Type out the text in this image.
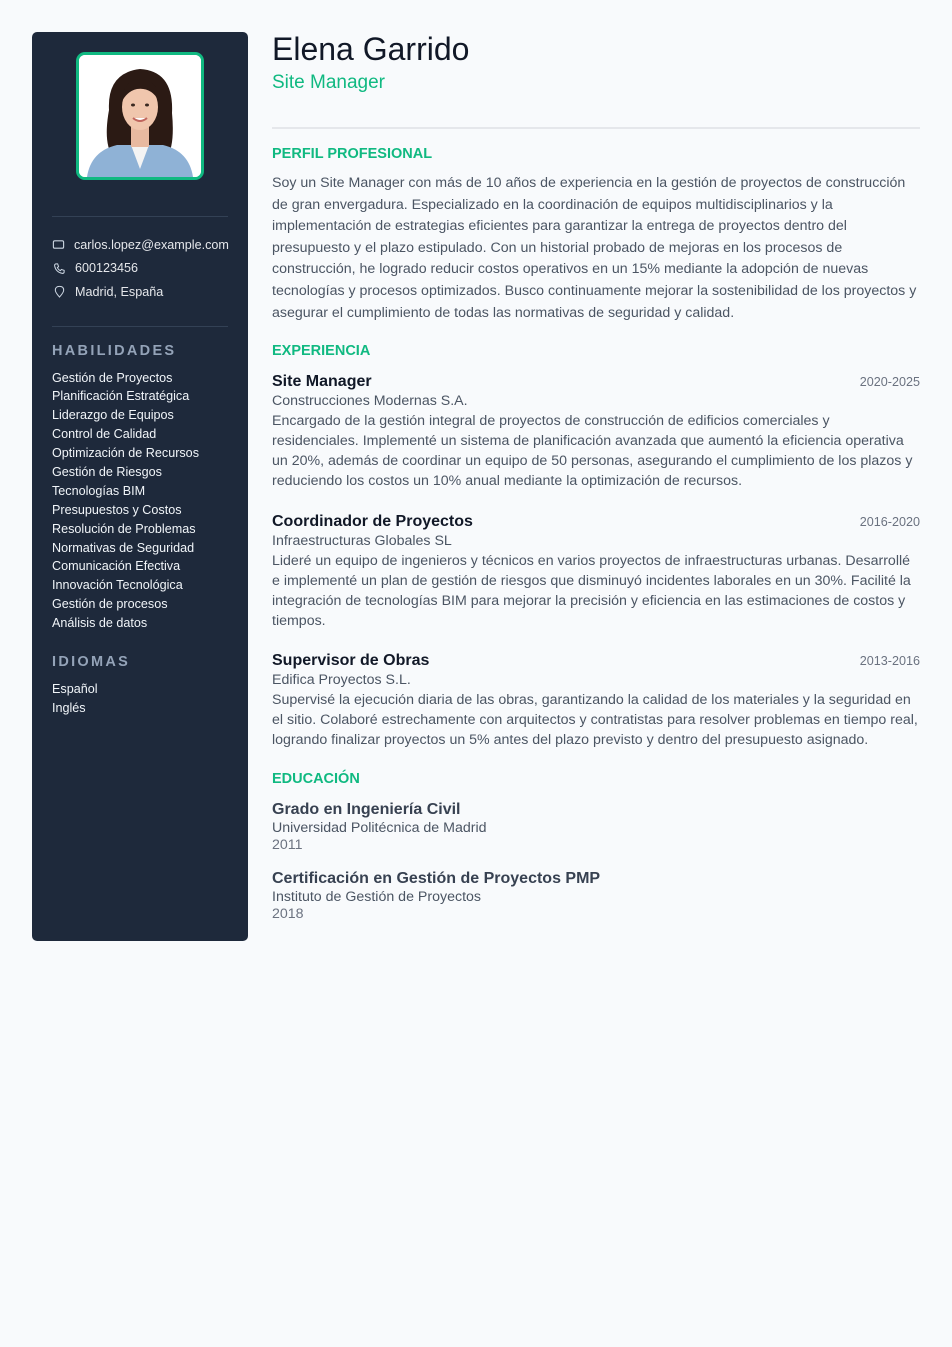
carlos.lopez@example.com
600123456
Madrid, España
HABILIDADES
Gestión de Proyectos
Planificación Estratégica
Liderazgo de Equipos
Control de Calidad
Optimización de Recursos
Gestión de Riesgos
Tecnologías BIM
Presupuestos y Costos
Resolución de Problemas
Normativas de Seguridad
Comunicación Efectiva
Innovación Tecnológica
Gestión de procesos
Análisis de datos
IDIOMAS
Español
Inglés
Elena Garrido
Site Manager
PERFIL PROFESIONAL

Soy un Site Manager con más de 10 años de experiencia en la gestión de proyectos de construcción de gran envergadura. Especializado en la coordinación de equipos multidisciplinarios y la implementación de estrategias eficientes para garantizar la entrega de proyectos dentro del presupuesto y el plazo estipulado. Con un historial probado de mejoras en los procesos de construcción, he logrado reducir costos operativos en un 15% mediante la adopción de nuevas tecnologías y procesos optimizados. Busco continuamente mejorar la sostenibilidad de los proyectos y asegurar el cumplimiento de todas las normativas de seguridad y calidad.

EXPERIENCIA
Site Manager	2020-2025
Construcciones Modernas S.A.

Encargado de la gestión integral de proyectos de construcción de edificios comerciales y residenciales. Implementé un sistema de planificación avanzada que aumentó la eficiencia operativa un 20%, además de coordinar un equipo de 50 personas, asegurando el cumplimiento de los plazos y reduciendo los costos un 10% anual mediante la optimización de recursos.

Coordinador de Proyectos	2016-2020
Infraestructuras Globales SL

Lideré un equipo de ingenieros y técnicos en varios proyectos de infraestructuras urbanas. Desarrollé e implementé un plan de gestión de riesgos que disminuyó incidentes laborales en un 30%. Facilité la integración de tecnologías BIM para mejorar la precisión y eficiencia en las estimaciones de costos y tiempos.

Supervisor de Obras	2013-2016
Edifica Proyectos S.L.

Supervisé la ejecución diaria de las obras, garantizando la calidad de los materiales y la seguridad en el sitio. Colaboré estrechamente con arquitectos y contratistas para resolver problemas en tiempo real, logrando finalizar proyectos un 5% antes del plazo previsto y dentro del presupuesto asignado.

EDUCACIÓN
Grado en Ingeniería Civil
Universidad Politécnica de Madrid
2011
Certificación en Gestión de Proyectos PMP
Instituto de Gestión de Proyectos
2018
